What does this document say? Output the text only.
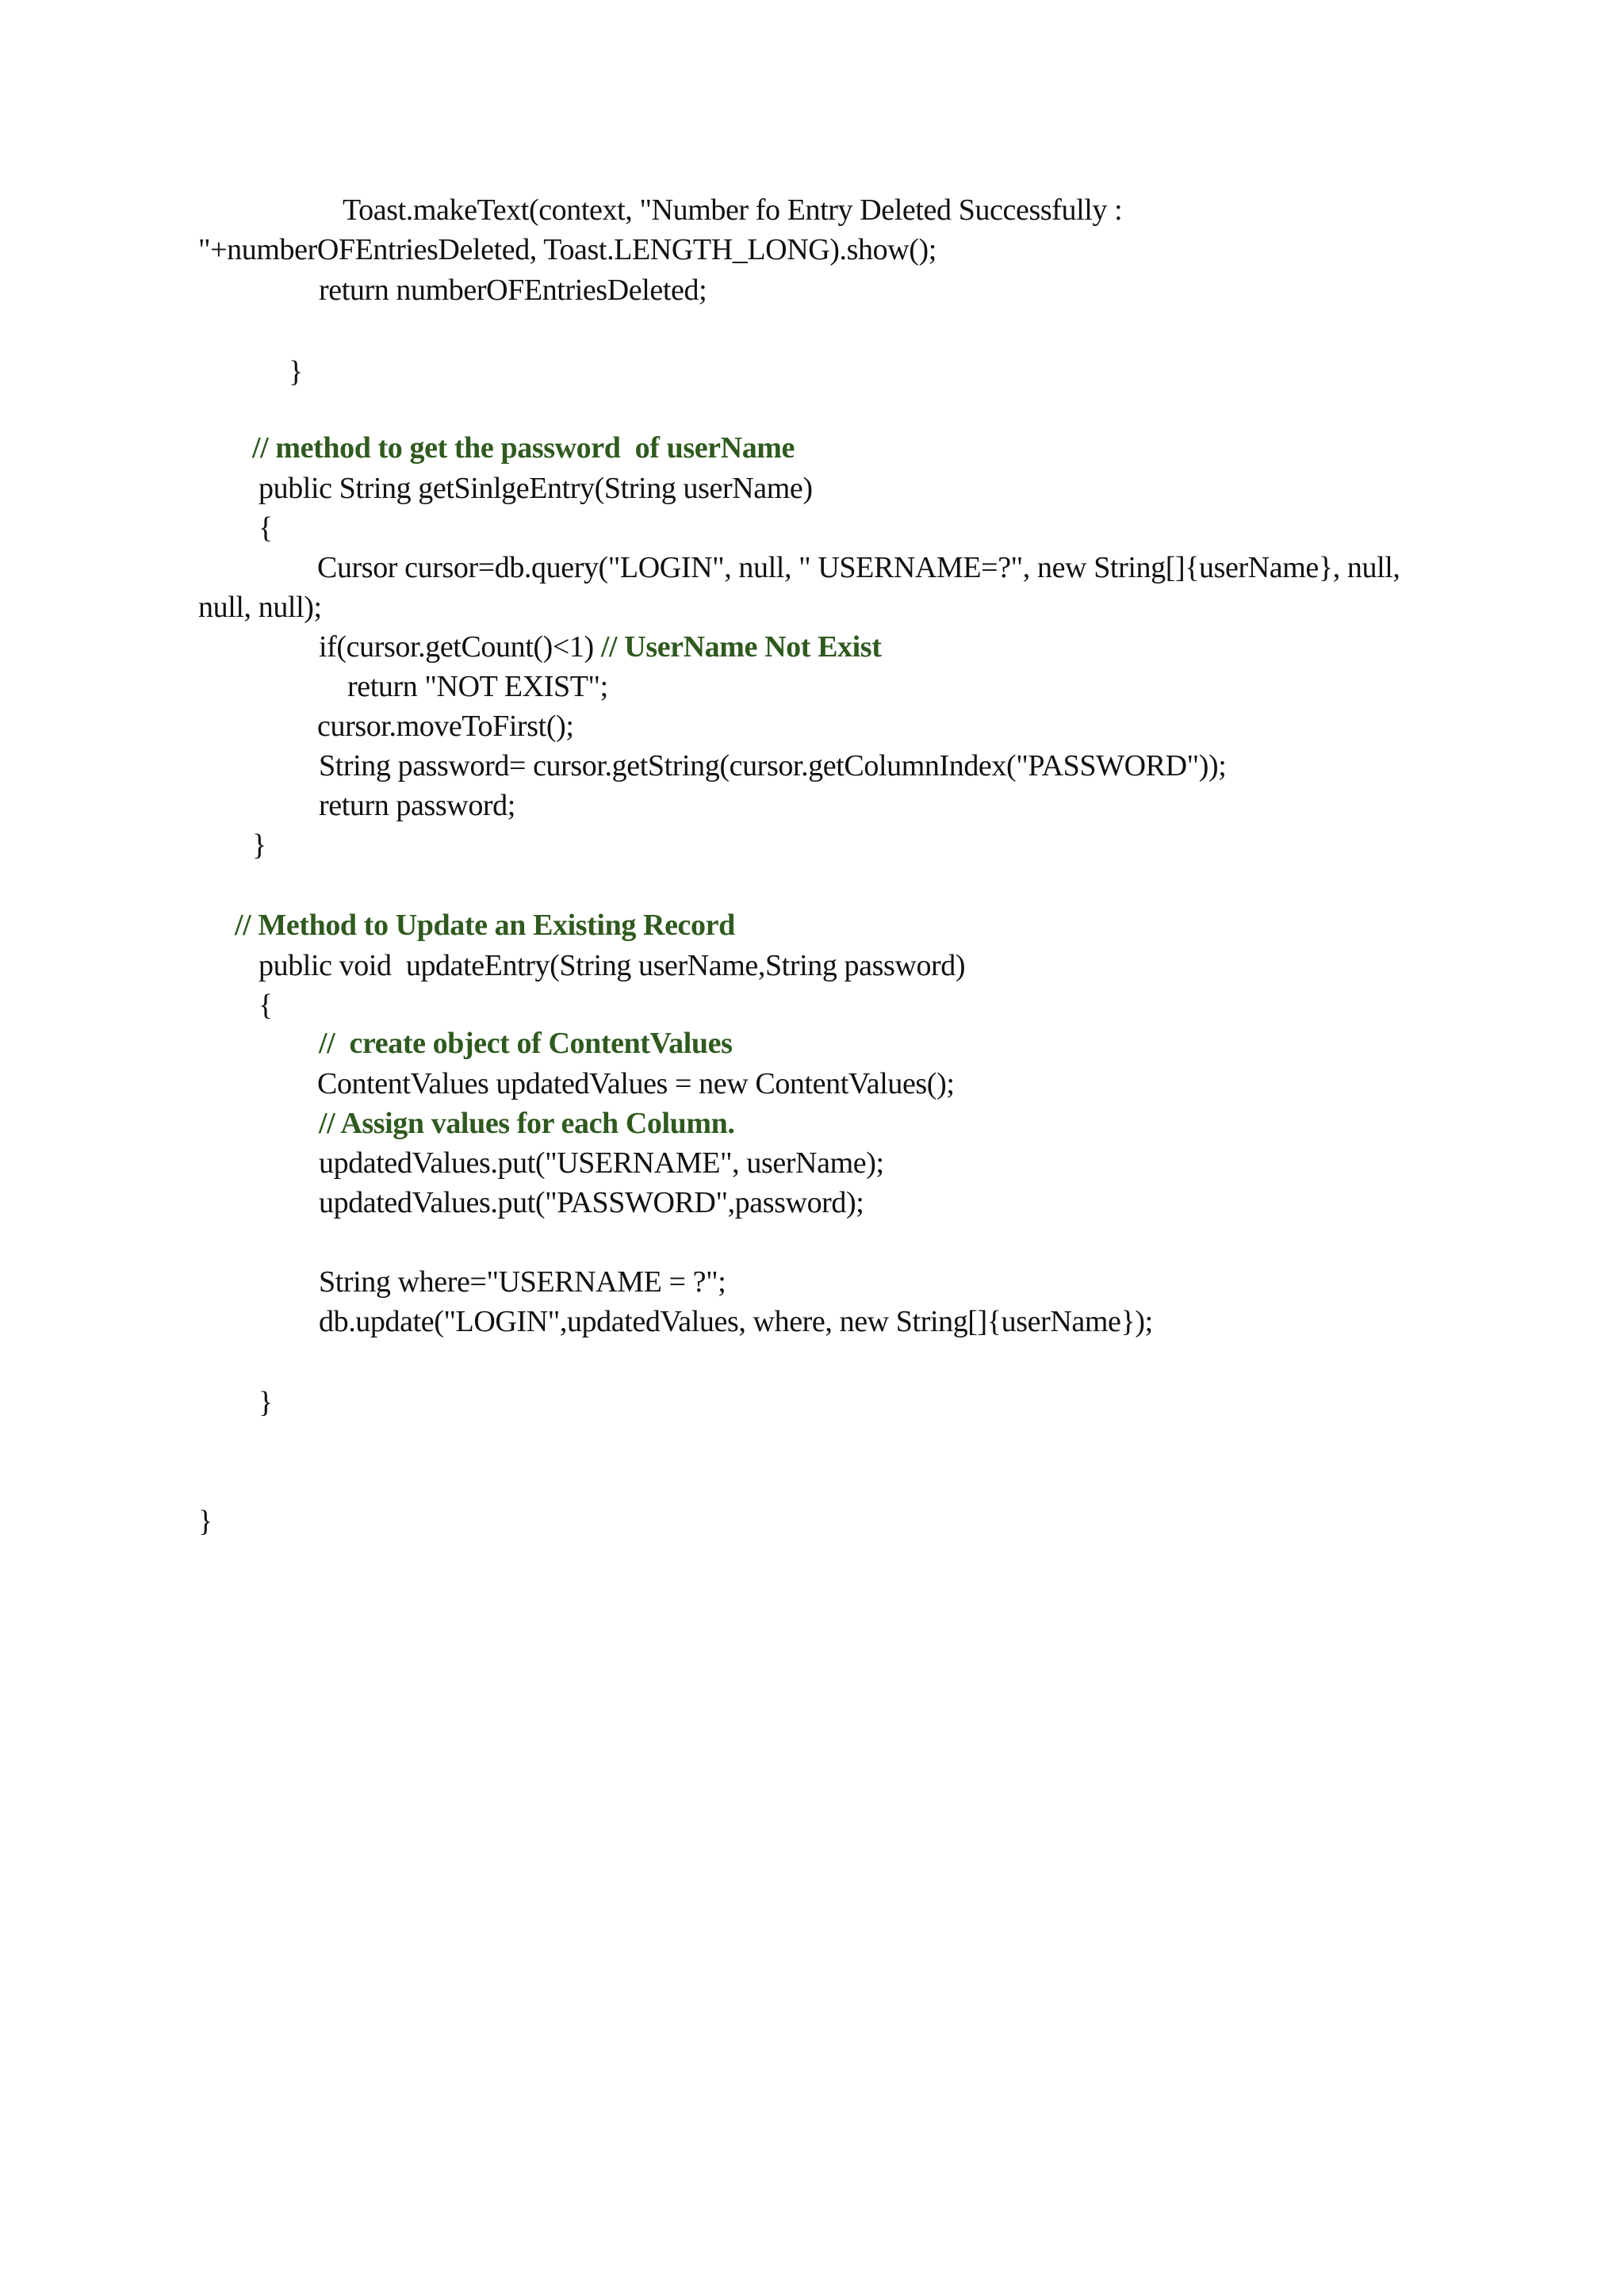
Toast.makeText(context, "Number fo Entry Deleted Successfully :
"+numberOFEntriesDeleted, Toast.LENGTH_LONG).show();
return numberOFEntriesDeleted;
}
// method to get the password  of userName
public String getSinlgeEntry(String userName)
{
Cursor cursor=db.query("LOGIN", null, " USERNAME=?", new String[]{userName}, null,
null, null);
if(cursor.getCount()<1) // UserName Not Exist
return "NOT EXIST";
cursor.moveToFirst();
String password= cursor.getString(cursor.getColumnIndex("PASSWORD"));
return password;
}
// Method to Update an Existing Record
public void  updateEntry(String userName,String password)
{
//  create object of ContentValues
ContentValues updatedValues = new ContentValues();
// Assign values for each Column.
updatedValues.put("USERNAME", userName);
updatedValues.put("PASSWORD",password);
String where="USERNAME = ?";
db.update("LOGIN",updatedValues, where, new String[]{userName});
}
}
